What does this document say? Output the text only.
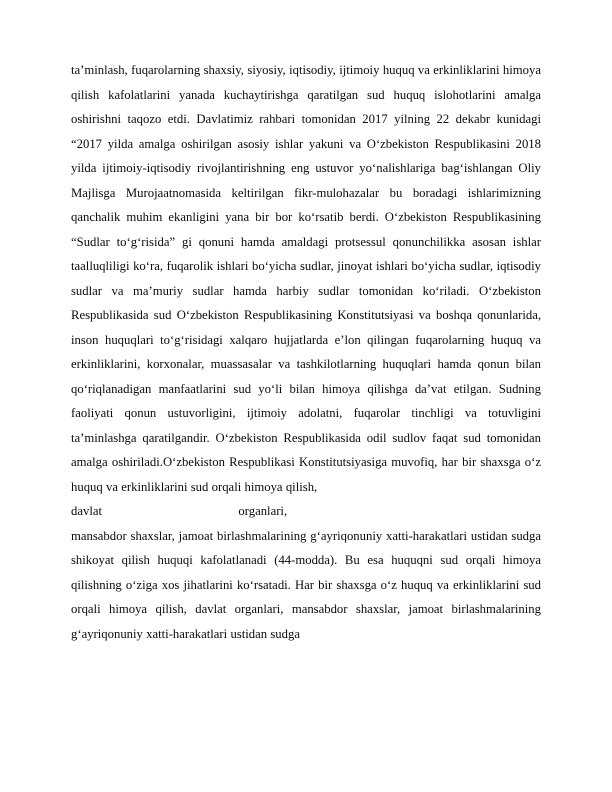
ta’minlash, fuqarolarning shaxsiy, siyosiy, iqtisodiy, ijtimoiy huquq va erkinliklarini himoya qilish kafolatlarini yanada kuchaytirishga qaratilgan sud huquq islohotlarini amalga oshirishni taqozo etdi. Davlatimiz rahbari tomonidan 2017 yilning 22 dekabr kunidagi “2017 yilda amalga oshirilgan asosiy ishlar yakuni va O‘zbekiston Respublikasini 2018 yilda ijtimoiy-iqtisodiy rivojlantirishning eng ustuvor yo‘nalishlariga bag‘ishlangan Oliy Majlisga Murojaatnomasida keltirilgan fikr-mulohazalar bu boradagi ishlarimizning qanchalik muhim ekanligini yana bir bor ko‘rsatib berdi. O‘zbekiston Respublikasining “Sudlar to‘g‘risida” gi qonuni hamda amaldagi protsessul qonunchilikka asosan ishlar taalluqliligi ko‘ra, fuqarolik ishlari bo‘yicha sudlar, jinoyat ishlari bo‘yicha sudlar, iqtisodiy sudlar va ma’muriy sudlar hamda harbiy sudlar tomonidan ko‘riladi. O‘zbekiston Respublikasida sud O‘zbekiston Respublikasining Konstitutsiyasi va boshqa qonunlarida, inson huquqlari to‘g‘risidagi xalqaro hujjatlarda e’lon qilingan fuqarolarning huquq va erkinliklarini, korxonalar, muassasalar va tashkilotlarning huquqlari hamda qonun bilan qo‘riqlanadigan manfaatlarini sud yo‘li bilan himoya qilishga da’vat etilgan. Sudning faoliyati qonun ustuvorligini, ijtimoiy adolatni, fuqarolar tinchligi va totuvligini ta’minlashga qaratilgandir. O‘zbekiston Respublikasida odil sudlov faqat sud tomonidan amalga oshiriladi.O‘zbekiston Respublikasi Konstitutsiyasiga muvofiq, har bir shaxsga o‘z huquq va erkinliklarini sud orqali himoya qilish,

davlat                                           organlari,

mansabdor shaxslar, jamoat birlashmalarining g‘ayriqonuniy xatti-harakatlari ustidan sudga shikoyat qilish huquqi kafolatlanadi (44-modda). Bu esa huquqni sud orqali himoya qilishning o‘ziga xos jihatlarini ko‘rsatadi. Har bir shaxsga o‘z huquq va erkinliklarini sud orqali himoya qilish, davlat organlari, mansabdor shaxslar, jamoat birlashmalarining g‘ayriqonuniy xatti-harakatlari ustidan sudga
